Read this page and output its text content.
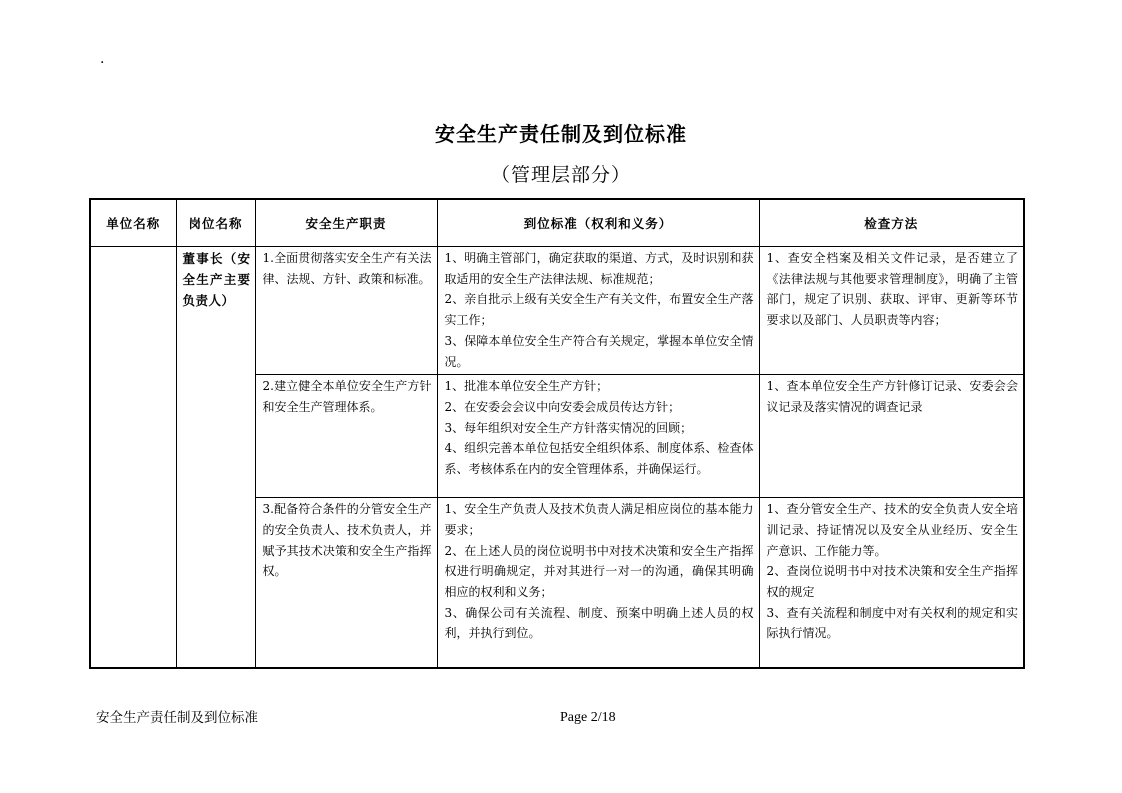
.
安全生产责任制及到位标准
（管理层部分）
单位名称	岗位名称	安全生产职责	到位标准（权利和义务）	检查方法
	董事长（安全生产主要负责人）	1.全面贯彻落实安全生产有关法律、法规、方针、政策和标准。	1、明确主管部门，确定获取的渠道、方式，及时识别和获取适用的安全生产法律法规、标准规范；
2、亲自批示上级有关安全生产有关文件，布置安全生产落实工作；
3、保障本单位安全生产符合有关规定，掌握本单位安全情况。	1、查安全档案及相关文件记录，是否建立了《法律法规与其他要求管理制度》，明确了主管部门，规定了识别、获取、评审、更新等环节要求以及部门、人员职责等内容；

		2.建立健全本单位安全生产方针和安全生产管理体系。	1、批准本单位安全生产方针；
2、在安委会会议中向安委会成员传达方针；
3、每年组织对安全生产方针落实情况的回顾；
4、组织完善本单位包括安全组织体系、制度体系、检查体系、考核体系在内的安全管理体系，并确保运行。	1、查本单位安全生产方针修订记录、安委会会议记录及落实情况的调查记录

		3.配备符合条件的分管安全生产的安全负责人、技术负责人，并赋予其技术决策和安全生产指挥权。	1、安全生产负责人及技术负责人满足相应岗位的基本能力要求；
2、在上述人员的岗位说明书中对技术决策和安全生产指挥权进行明确规定，并对其进行一对一的沟通，确保其明确相应的权利和义务；
3、确保公司有关流程、制度、预案中明确上述人员的权利，并执行到位。	1、查分管安全生产、技术的安全负责人安全培训记录、持证情况以及安全从业经历、安全生产意识、工作能力等。
2、查岗位说明书中对技术决策和安全生产指挥权的规定
3、查有关流程和制度中对有关权利的规定和实际执行情况。
安全生产责任制及到位标准	Page 2/18
